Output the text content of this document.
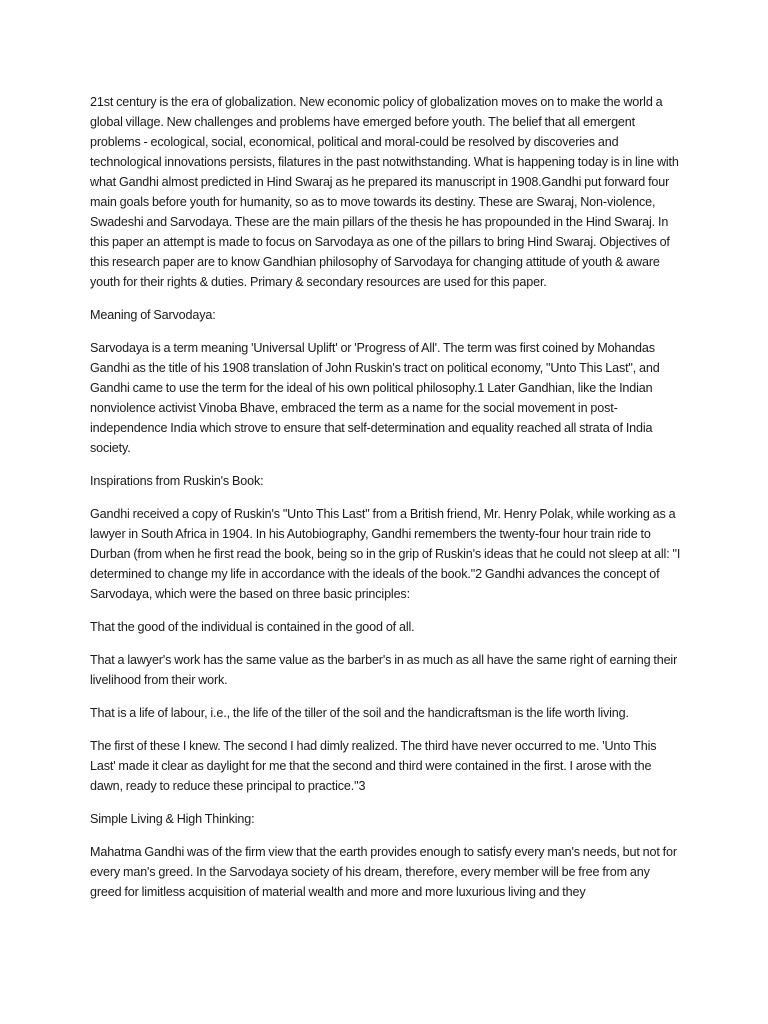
21st century is the era of globalization. New economic policy of globalization moves on to make the world a global village. New challenges and problems have emerged before youth. The belief that all emergent problems - ecological, social, economical, political and moral-could be resolved by discoveries and technological innovations persists, filatures in the past notwithstanding. What is happening today is in line with what Gandhi almost predicted in Hind Swaraj as he prepared its manuscript in 1908.Gandhi put forward four main goals before youth for humanity, so as to move towards its destiny. These are Swaraj, Non-violence, Swadeshi and Sarvodaya. These are the main pillars of the thesis he has propounded in the Hind Swaraj. In this paper an attempt is made to focus on Sarvodaya as one of the pillars to bring Hind Swaraj. Objectives of this research paper are to know Gandhian philosophy of Sarvodaya for changing attitude of youth & aware youth for their rights & duties. Primary & secondary resources are used for this paper.

Meaning of Sarvodaya:

Sarvodaya is a term meaning 'Universal Uplift' or 'Progress of All'. The term was first coined by Mohandas Gandhi as the title of his 1908 translation of John Ruskin's tract on political economy, "Unto This Last", and Gandhi came to use the term for the ideal of his own political philosophy.1 Later Gandhian, like the Indian nonviolence activist Vinoba Bhave, embraced the term as a name for the social movement in post-independence India which strove to ensure that self-determination and equality reached all strata of India society.

Inspirations from Ruskin's Book:

Gandhi received a copy of Ruskin's "Unto This Last" from a British friend, Mr. Henry Polak, while working as a lawyer in South Africa in 1904. In his Autobiography, Gandhi remembers the twenty-four hour train ride to Durban (from when he first read the book, being so in the grip of Ruskin's ideas that he could not sleep at all: "I determined to change my life in accordance with the ideals of the book."2 Gandhi advances the concept of Sarvodaya, which were the based on three basic principles:

That the good of the individual is contained in the good of all.

That a lawyer's work has the same value as the barber's in as much as all have the same right of earning their livelihood from their work.

That is a life of labour, i.e., the life of the tiller of the soil and the handicraftsman is the life worth living.

The first of these I knew. The second I had dimly realized. The third have never occurred to me. 'Unto This Last' made it clear as daylight for me that the second and third were contained in the first. I arose with the dawn, ready to reduce these principal to practice."3

Simple Living & High Thinking:

Mahatma Gandhi was of the firm view that the earth provides enough to satisfy every man's needs, but not for every man's greed. In the Sarvodaya society of his dream, therefore, every member will be free from any greed for limitless acquisition of material wealth and more and more luxurious living and they
